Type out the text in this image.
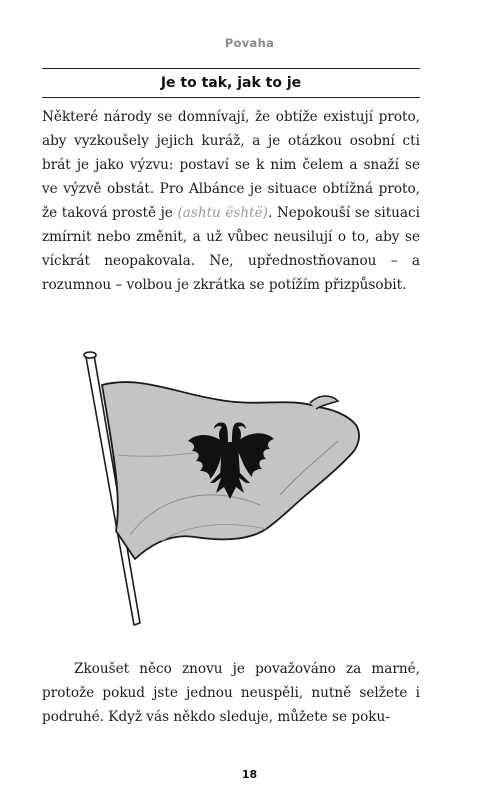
Povaha
Je to tak, jak to je

Některé národy se domnívají, že obtíže existují proto, aby vyzkoušely jejich kuráž, a je otázkou osobní cti brát je jako výzvu: postaví se k nim čelem a snaží se ve výzvě obstát. Pro Albánce je situace obtížná proto, že taková prostě je (ashtu është). Nepokouší se situaci zmírnit nebo změnit, a už vůbec neusilují o to, aby se víckrát neopakovala. Ne, upřednostňovanou – a rozumnou – volbou je zkrátka se potížím přizpůsobit.

Zkoušet něco znovu je považováno za marné, protože pokud jste jednou neuspěli, nutně selžete i podruhé. Když vás někdo sleduje, můžete se poku-

18
